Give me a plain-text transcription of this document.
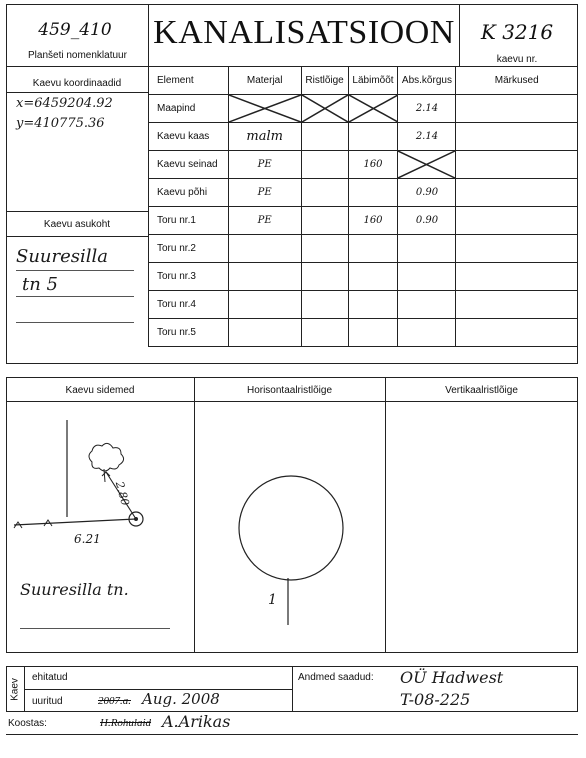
459_410
Planšeti nomenklatuur
KANALISATSIOON	K 3216
kaevu nr.
Kaevu koordinaadid
x=6459204.92
y=410775.36
Kaevu asukoht
Suuresilla
tn 5
Element	Materjal	Ristlõige	Läbimõõt	Abs.kõrgus	Märkused
Maapind				2.14	
Kaevu kaas	malm			2.14	
Kaevu seinad	PE		160	

Kaevu põhi	PE			0.90	
Toru nr.1	PE		160	0.90	
Toru nr.2					
Toru nr.3					
Toru nr.4					
Toru nr.5					
Kaevu sidemed	Horisontaalristlõige	Vertikaalristlõige
2.80
6.21
Suuresilla tn.
1
Kaev
ehitatud
uuritud	2007.a. Aug. 2008
Andmed saadud: OÜ Hadwest
T-08-225
Koostas:	H.Rohulaid A.Arikas
